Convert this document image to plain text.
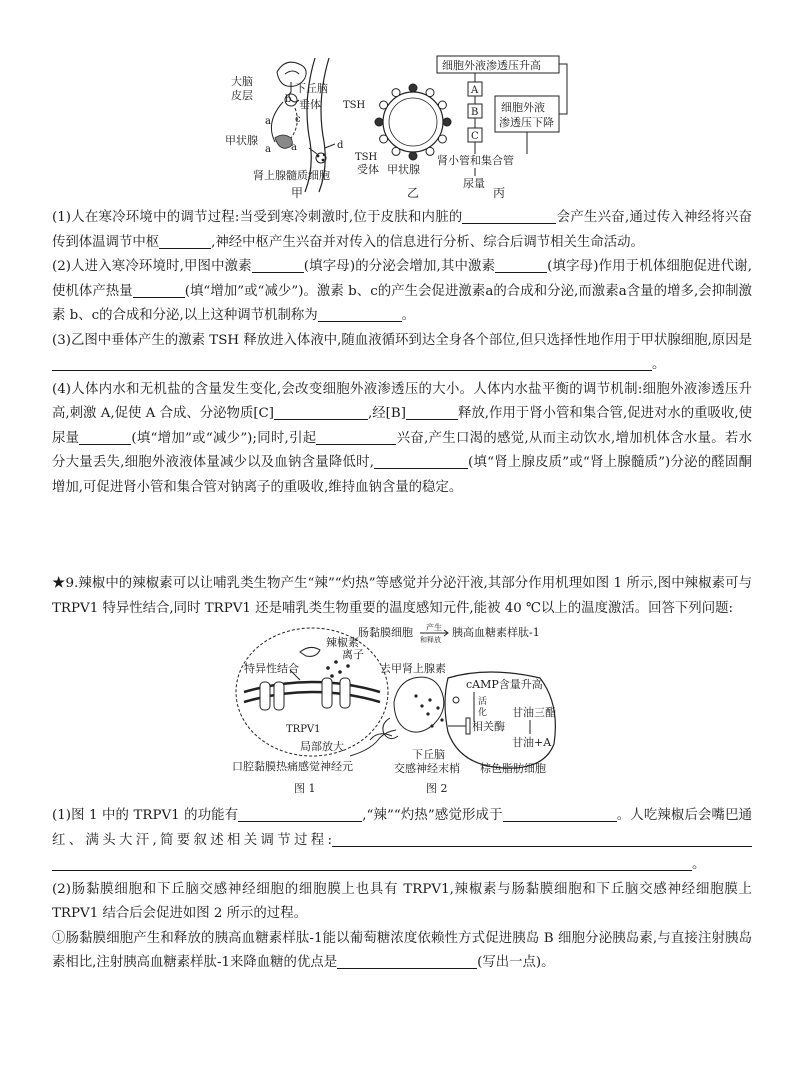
大脑
皮层
下丘脑
垂体
b
c
a
甲状腺
a
a	d
肾上腺髓质细胞
甲
TSH
TSH
受体 甲状腺
乙
细胞外液渗透压升高
A
B
C
细胞外液
渗透压下降
肾小管和集合管
尿量
丙

(1)人在寒冷环境中的调节过程:当受到寒冷刺激时,位于皮肤和内脏的	会产生兴奋,通过传入神经将兴奋传到体温调节中枢	,神经中枢产生兴奋并对传入的信息进行分析、综合后调节相关生命活动。

(2)人进入寒冷环境时,甲图中激素	(填字母)的分泌会增加,其中激素	(填字母)作用于机体细胞促进代谢,使机体产热量	(填“增加”或“减少”)。激素 b、c的产生会促进激素a的合成和分泌,而激素a含量的增多,会抑制激素 b、c的合成和分泌,以上这种调节机制称为	。

(3)乙图中垂体产生的激素 TSH 释放进入体液中,随血液循环到达全身各个部位,但只选择性地作用于甲状腺细胞,原因是。

(4)人体内水和无机盐的含量发生变化,会改变细胞外液渗透压的大小。人体内水盐平衡的调节机制:细胞外液渗透压升高,刺激 A,促使 A 合成、分泌物质[C]	,经[B]	释放,作用于肾小管和集合管,促进对水的重吸收,使尿量	(填“增加”或“减少”);同时,引起	兴奋,产生口渴的感觉,从而主动饮水,增加机体含水量。若水分大量丢失,细胞外液液体量减少以及血钠含量降低时,	(填“肾上腺皮质”或“肾上腺髓质”)分泌的醛固酮增加,可促进肾小管和集合管对钠离子的重吸收,维持血钠含量的稳定。

★9.辣椒中的辣椒素可以让哺乳类生物产生“辣”“灼热”等感觉并分泌汗液,其部分作用机理如图 1 所示,图中辣椒素可与 TRPV1 特异性结合,同时 TRPV1 还是哺乳类生物重要的温度感知元件,能被 40 ℃以上的温度激活。回答下列问题:

特异性结合
辣椒素
离子
TRPV1
局部放大
口腔黏膜热痛感觉神经元
图 1
肠黏膜细胞 产生
和释放
胰高血糖素样肽-1
去甲肾上腺素
cAMP含量升高
活
化
相关酶
甘油三酯
甘油+A
下丘脑
交感神经末梢 棕色脂肪细胞
图 2

(1)图 1 中的 TRPV1 的功能有	,“辣”“灼热”感觉形成于	。人吃辣椒后会嘴巴通红、满头大汗,简要叙述相关调节过程:。

(2)肠黏膜细胞和下丘脑交感神经细胞的细胞膜上也具有 TRPV1,辣椒素与肠黏膜细胞和下丘脑交感神经细胞膜上 TRPV1 结合后会促进如图 2 所示的过程。

①肠黏膜细胞产生和释放的胰高血糖素样肽-1能以葡萄糖浓度依赖性方式促进胰岛 B 细胞分泌胰岛素,与直接注射胰岛素相比,注射胰高血糖素样肽-1来降血糖的优点是	(写出一点)。
